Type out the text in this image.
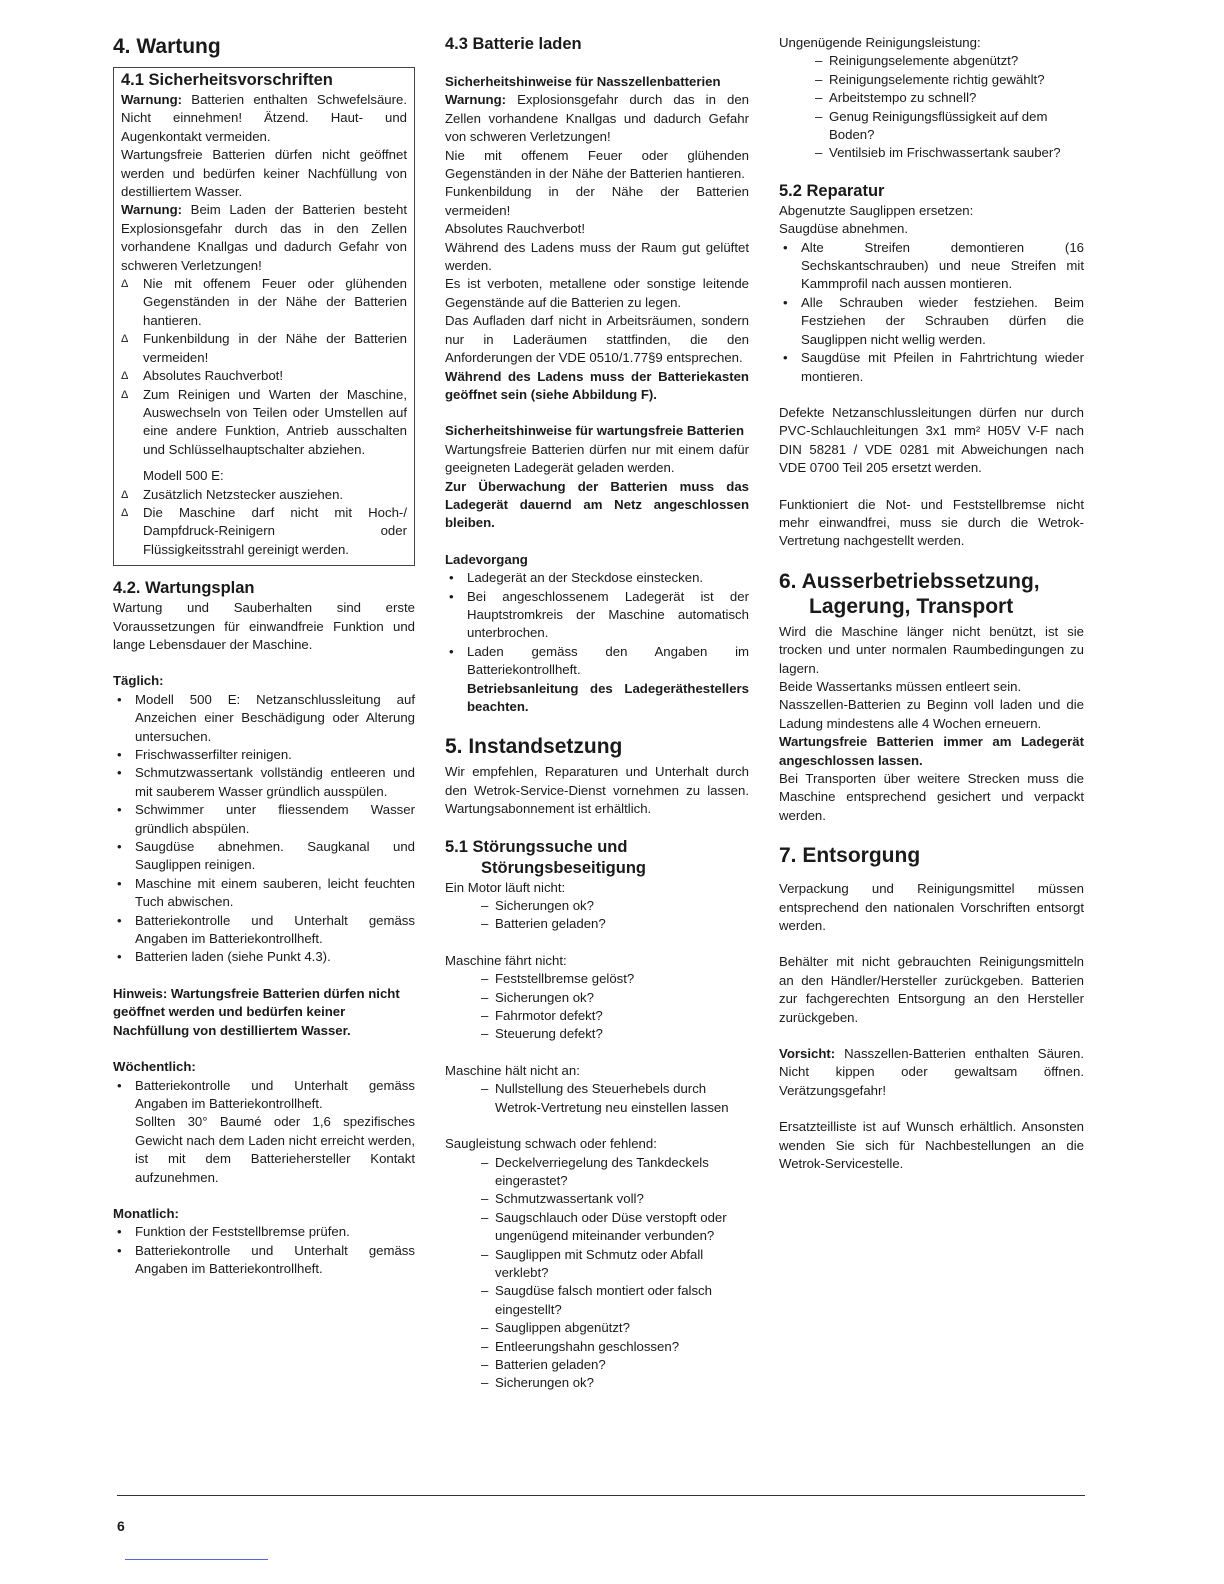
4. Wartung
4.1 Sicherheitsvorschriften

Warnung: Batterien enthalten Schwefelsäure. Nicht einnehmen! Ätzend. Haut- und Augenkontakt vermeiden.

Wartungsfreie Batterien dürfen nicht geöffnet werden und bedürfen keiner Nachfüllung von destilliertem Wasser.

Warnung: Beim Laden der Batterien besteht Explosionsgefahr durch das in den Zellen vorhandene Knallgas und dadurch Gefahr von schweren Verletzungen!

Δ Nie mit offenem Feuer oder glühenden Gegenständen in der Nähe der Batterien hantieren.
Δ Funkenbildung in der Nähe der Batterien vermeiden!
Δ Absolutes Rauchverbot!
Δ Zum Reinigen und Warten der Maschine, Auswechseln von Teilen oder Umstellen auf eine andere Funktion, Antrieb ausschalten und Schlüsselhauptschalter abziehen.

Modell 500 E:

Δ Zusätzlich Netzstecker ausziehen.
Δ Die Maschine darf nicht mit Hoch-/ Dampfdruck-Reinigern oder Flüssigkeitsstrahl gereinigt werden.
4.2. Wartungsplan

Wartung und Sauberhalten sind erste Voraussetzungen für einwandfreie Funktion und lange Lebensdauer der Maschine.

Täglich:

• Modell 500 E: Netzanschlussleitung auf Anzeichen einer Beschädigung oder Alterung untersuchen.
• Frischwasserfilter reinigen.
• Schmutzwassertank vollständig entleeren und mit sauberem Wasser gründlich ausspülen.
• Schwimmer unter fliessendem Wasser gründlich abspülen.
• Saugdüse abnehmen. Saugkanal und Sauglippen reinigen.
• Maschine mit einem sauberen, leicht feuchten Tuch abwischen.
• Batteriekontrolle und Unterhalt gemäss Angaben im Batteriekontrollheft.
• Batterien laden (siehe Punkt 4.3).

Hinweis: Wartungsfreie Batterien dürfen nicht geöffnet werden und bedürfen keiner Nachfüllung von destilliertem Wasser.

Wöchentlich:

• Batteriekontrolle und Unterhalt gemäss Angaben im Batteriekontrollheft.
Sollten 30° Baumé oder 1,6 spezifisches Gewicht nach dem Laden nicht erreicht werden, ist mit dem Batteriehersteller Kontakt aufzunehmen.

Monatlich:

• Funktion der Feststellbremse prüfen.
• Batteriekontrolle und Unterhalt gemäss Angaben im Batteriekontrollheft.
4.3 Batterie laden

Sicherheitshinweise für Nasszellenbatterien

Warnung: Explosionsgefahr durch das in den Zellen vorhandene Knallgas und dadurch Gefahr von schweren Verletzungen!

Nie mit offenem Feuer oder glühenden Gegenständen in der Nähe der Batterien hantieren.

Funkenbildung in der Nähe der Batterien vermeiden!

Absolutes Rauchverbot!

Während des Ladens muss der Raum gut gelüftet werden.

Es ist verboten, metallene oder sonstige leitende Gegenstände auf die Batterien zu legen.

Das Aufladen darf nicht in Arbeitsräumen, sondern nur in Laderäumen stattfinden, die den Anforderungen der VDE 0510/1.77§9 entsprechen.

Während des Ladens muss der Batteriekasten geöffnet sein (siehe Abbildung F).

Sicherheitshinweise für wartungsfreie Batterien

Wartungsfreie Batterien dürfen nur mit einem dafür geeigneten Ladegerät geladen werden.

Zur Überwachung der Batterien muss das Ladegerät dauernd am Netz angeschlossen bleiben.

Ladevorgang

• Ladegerät an der Steckdose einstecken.
• Bei angeschlossenem Ladegerät ist der Hauptstromkreis der Maschine automatisch unterbrochen.
• Laden gemäss den Angaben im Batteriekontrollheft.

Betriebsanleitung des Ladegeräthestellers beachten.

5. Instandsetzung

Wir empfehlen, Reparaturen und Unterhalt durch den Wetrok-Service-Dienst vornehmen zu lassen. Wartungsabonnement ist erhältlich.

5.1 Störungssuche und Störungsbeseitigung

Ein Motor läuft nicht:

– Sicherungen ok?
– Batterien geladen?

Maschine fährt nicht:

– Feststellbremse gelöst?
– Sicherungen ok?
– Fahrmotor defekt?
– Steuerung defekt?

Maschine hält nicht an:

– Nullstellung des Steuerhebels durch Wetrok-Vertretung neu einstellen lassen

Saugleistung schwach oder fehlend:

– Deckelverriegelung des Tankdeckels eingerastet?
– Schmutzwassertank voll?
– Saugschlauch oder Düse verstopft oder ungenügend miteinander verbunden?
– Sauglippen mit Schmutz oder Abfall verklebt?
– Saugdüse falsch montiert oder falsch eingestellt?
– Sauglippen abgenützt?
– Entleerungshahn geschlossen?
– Batterien geladen?
– Sicherungen ok?

Ungenügende Reinigungsleistung:

– Reinigungselemente abgenützt?
– Reinigungselemente richtig gewählt?
– Arbeitstempo zu schnell?
– Genug Reinigungsflüssigkeit auf dem Boden?
– Ventilsieb im Frischwassertank sauber?
5.2 Reparatur

Abgenutzte Sauglippen ersetzen:

Saugdüse abnehmen.

• Alte Streifen demontieren (16 Sechskantschrauben) und neue Streifen mit Kammprofil nach aussen montieren.
• Alle Schrauben wieder festziehen. Beim Festziehen der Schrauben dürfen die Sauglippen nicht wellig werden.
• Saugdüse mit Pfeilen in Fahrtrichtung wieder montieren.

Defekte Netzanschlussleitungen dürfen nur durch PVC-Schlauchleitungen 3x1 mm² H05V V-F nach DIN 58281 / VDE 0281 mit Abweichungen nach VDE 0700 Teil 205 ersetzt werden.

Funktioniert die Not- und Feststellbremse nicht mehr einwandfrei, muss sie durch die Wetrok-Vertretung nachgestellt werden.

6. Ausserbetriebssetzung, Lagerung, Transport

Wird die Maschine länger nicht benützt, ist sie trocken und unter normalen Raumbedingungen zu lagern.

Beide Wassertanks müssen entleert sein.

Nasszellen-Batterien zu Beginn voll laden und die Ladung mindestens alle 4 Wochen erneuern.

Wartungsfreie Batterien immer am Ladegerät angeschlossen lassen.

Bei Transporten über weitere Strecken muss die Maschine entsprechend gesichert und verpackt werden.

7. Entsorgung

Verpackung und Reinigungsmittel müssen entsprechend den nationalen Vorschriften entsorgt werden.

Behälter mit nicht gebrauchten Reinigungsmitteln an den Händler/Hersteller zurückgeben. Batterien zur fachgerechten Entsorgung an den Hersteller zurückgeben.

Vorsicht: Nasszellen-Batterien enthalten Säuren. Nicht kippen oder gewaltsam öffnen. Verätzungsgefahr!

Ersatzteilliste ist auf Wunsch erhältlich. Ansonsten wenden Sie sich für Nachbestellungen an die Wetrok-Servicestelle.

6
